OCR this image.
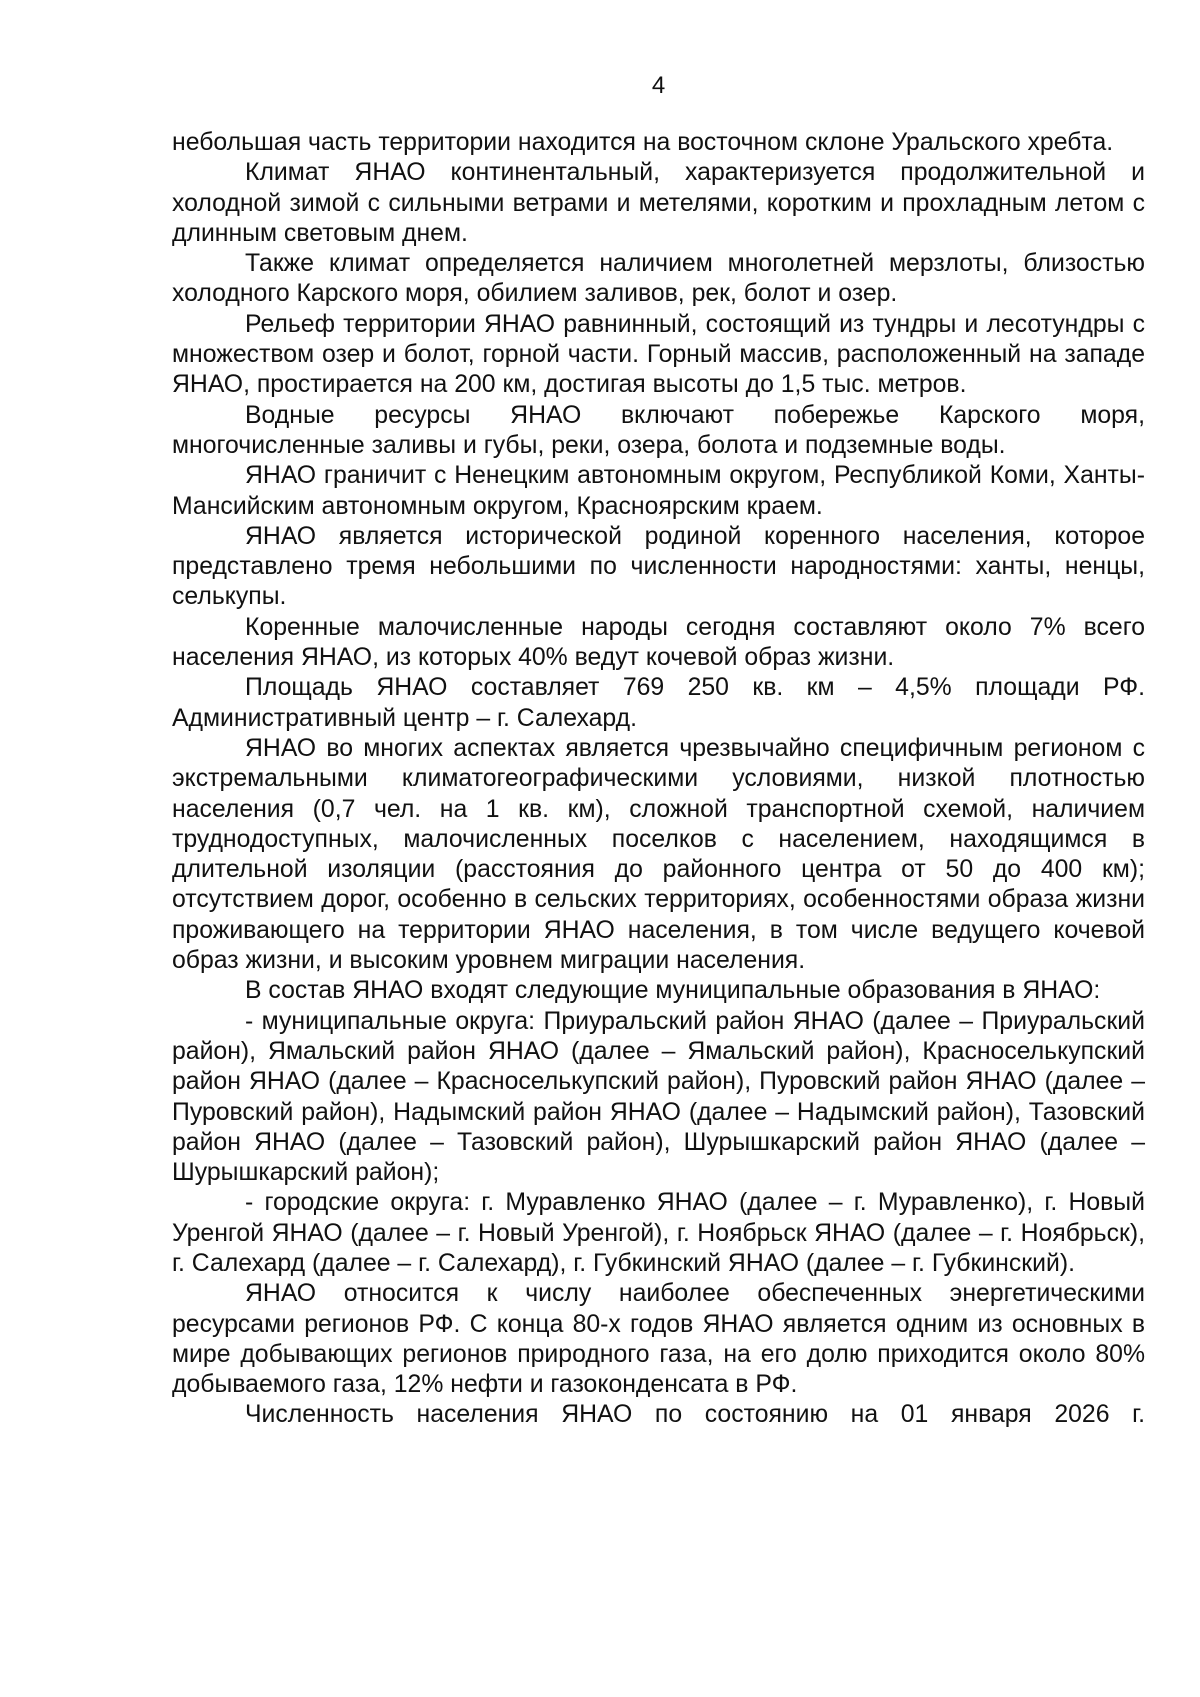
4

небольшая часть территории находится на восточном склоне Уральского хребта.

Климат ЯНАО континентальный, характеризуется продолжительной и холодной зимой с сильными ветрами и метелями, коротким и прохладным летом с длинным световым днем.

Также климат определяется наличием многолетней мерзлоты, близостью холодного Карского моря, обилием заливов, рек, болот и озер.

Рельеф территории ЯНАО равнинный, состоящий из тундры и лесотундры с множеством озер и болот, горной части. Горный массив, расположенный на западе ЯНАО, простирается на 200 км, достигая высоты до 1,5 тыс. метров.

Водные ресурсы ЯНАО включают побережье Карского моря, многочисленные заливы и губы, реки, озера, болота и подземные воды.

ЯНАО граничит с Ненецким автономным округом, Республикой Коми, Ханты-Мансийским автономным округом, Красноярским краем.

ЯНАО является исторической родиной коренного населения, которое представлено тремя небольшими по численности народностями: ханты, ненцы, селькупы.

Коренные малочисленные народы сегодня составляют около 7% всего населения ЯНАО, из которых 40% ведут кочевой образ жизни.

Площадь ЯНАО составляет 769 250 кв. км – 4,5% площади РФ. Административный центр – г. Салехард.

ЯНАО во многих аспектах является чрезвычайно специфичным регионом с экстремальными климатогеографическими условиями, низкой плотностью населения (0,7 чел. на 1 кв. км), сложной транспортной схемой, наличием труднодоступных, малочисленных поселков с населением, находящимся в длительной изоляции (расстояния до районного центра от 50 до 400 км); отсутствием дорог, особенно в сельских территориях, особенностями образа жизни проживающего на территории ЯНАО населения, в том числе ведущего кочевой образ жизни, и высоким уровнем миграции населения.

В состав ЯНАО входят следующие муниципальные образования в ЯНАО:

- муниципальные округа: Приуральский район ЯНАО (далее – Приуральский район), Ямальский район ЯНАО (далее – Ямальский район), Красноселькупский район ЯНАО (далее – Красноселькупский район), Пуровский район ЯНАО (далее – Пуровский район), Надымский район ЯНАО (далее – Надымский район), Тазовский район ЯНАО (далее – Тазовский район), Шурышкарский район ЯНАО (далее – Шурышкарский район);

- городские округа: г. Муравленко ЯНАО (далее – г. Муравленко), г. Новый Уренгой ЯНАО (далее – г. Новый Уренгой), г. Ноябрьск ЯНАО (далее – г. Ноябрьск), г. Салехард (далее – г. Салехард), г. Губкинский ЯНАО (далее – г. Губкинский).

ЯНАО относится к числу наиболее обеспеченных энергетическими ресурсами регионов РФ. С конца 80-х годов ЯНАО является одним из основных в мире добывающих регионов природного газа, на его долю приходится около 80% добываемого газа, 12% нефти и газоконденсата в РФ.

Численность населения ЯНАО по состоянию на 01 января 2026 г.
